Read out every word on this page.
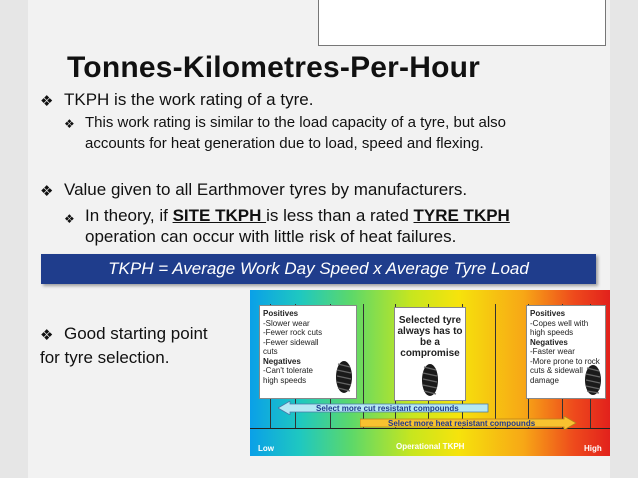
Tonnes-Kilometres-Per-Hour
❖ TKPH is the work rating of a tyre.
❖ This work rating is similar to the load capacity of a tyre, but also
accounts for heat generation due to load, speed and flexing.
❖ Value given to all Earthmover tyres by manufacturers.
❖ In theory, if SITE TKPH is less than a rated TYRE TKPH
operation can occur with little risk of heat failures.
TKPH = Average Work Day Speed x Average Tyre Load
❖ Good starting point
for tyre selection.
Positives
-Slower wear
-Fewer rock cuts
-Fewer sidewall
cuts
Negatives
-Can't tolerate
high speeds
Selected tyre
always has to
be a
compromise
Positives
-Copes well with
high speeds
Negatives
-Faster wear
-More prone to rock
cuts & sidewall
damage
Select more cut resistant compounds
Select more heat resistant compounds
Low	Operational TKPH	High
